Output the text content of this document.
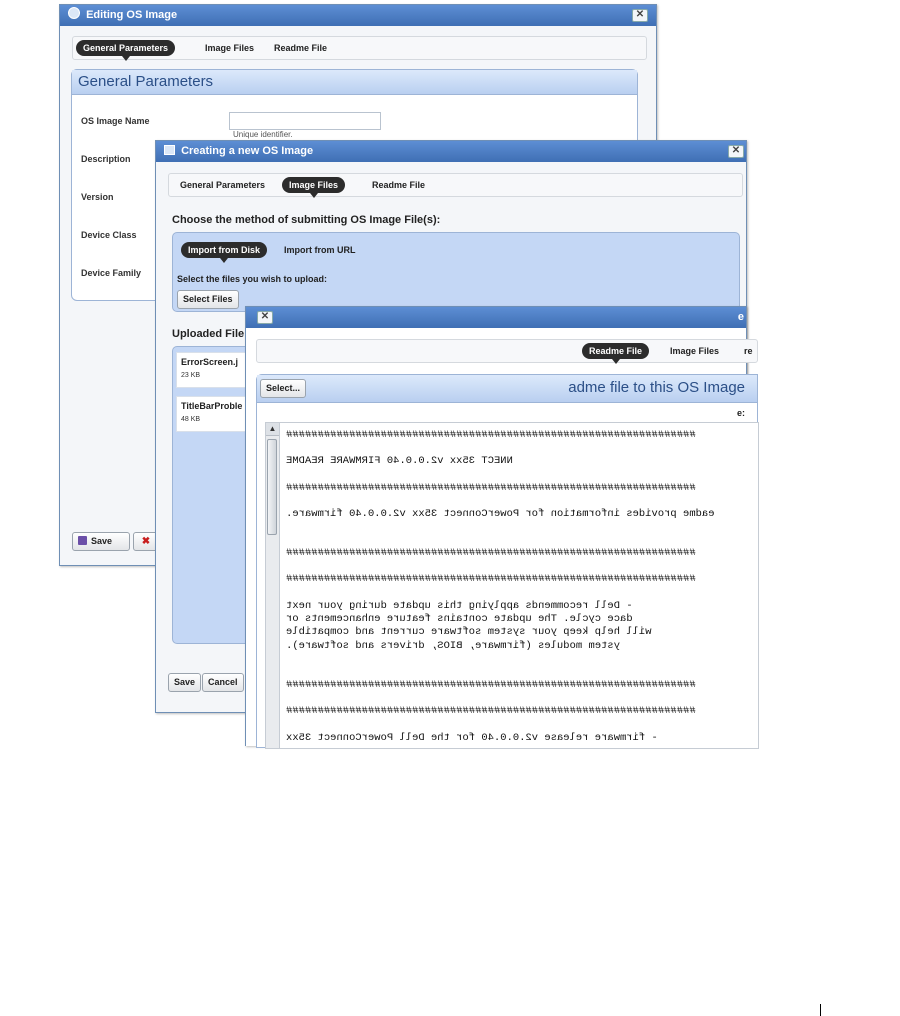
Editing OS Image	✕
General Parameters	Image Files	Readme File
General Parameters
OS Image Name
Unique identifier.
Description
Version
Device Class
Device Family
Save	✖
Creating a new OS Image	✕
General Parameters	Image Files	Readme File
Choose the method of submitting OS Image File(s):
Import from Disk	Import from URL
Select the files you wish to upload:
Select Files
Uploaded File
ErrorScreen.j
23 KB
TitleBarProble
48 KB
Save	Cancel
✕	e
Readme File	Image Files	re
Select...	adme file to this OS Image
e:
▲
#################################################################
NNECT 35xx v2.0.0.40 FIRMWARE README
#################################################################
eadme provides information for PowerConnect 35xx v2.0.0.40 firmware.
#################################################################
#################################################################
- Dell recommends applying this update during your next
dace cycle. The update contains feature enhancements or
will help keep your system software current and compatible
ystem modules (firmware, BIOS, drivers and software).
#################################################################
#################################################################
- firmware release v2.0.0.40 for the Dell PowerConnect 35xx
